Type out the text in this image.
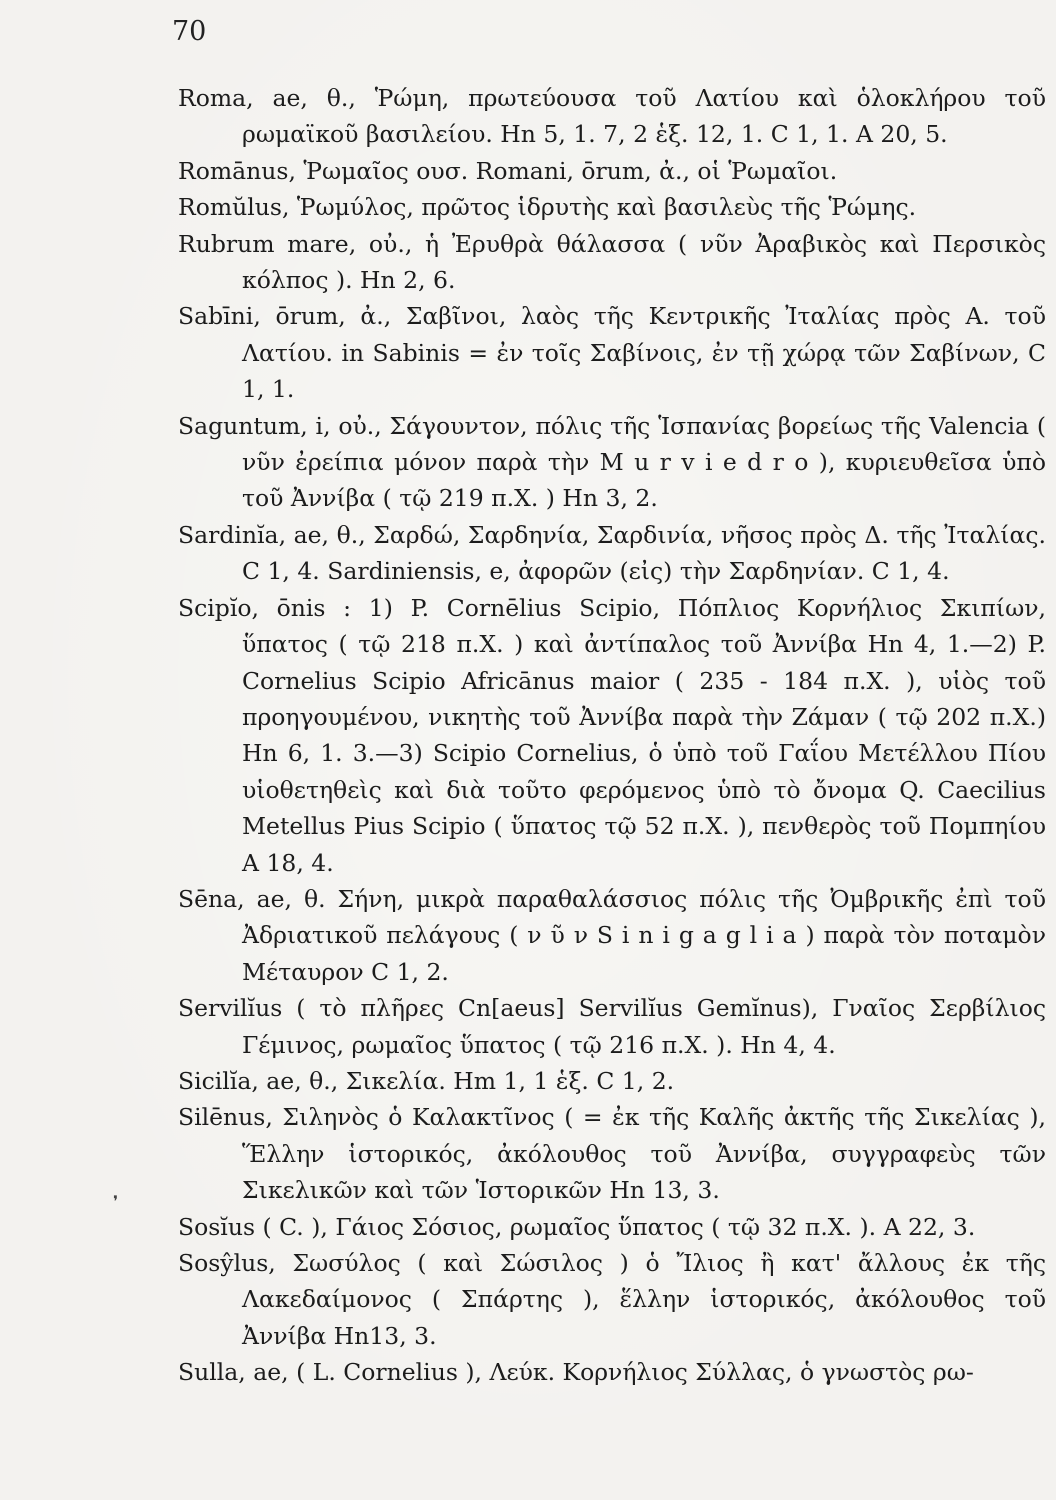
70

Roma, ae, θ., Ῥώμη, πρωτεύουσα τοῦ Λατίου καὶ ὁλοκλήρου τοῦ ρωμαϊκοῦ βασιλείου. Hn 5, 1. 7, 2 ἑξ. 12, 1. C 1, 1. A 20, 5.

Romānus, Ῥωμαῖος ουσ. Romani, ōrum, ἀ., οἱ Ῥωμαῖοι.

Romŭlus, Ῥωμύλος, πρῶτος ἱδρυτὴς καὶ βασιλεὺς τῆς Ῥώμης.

Rubrum mare, οὐ., ἡ Ἐρυθρὰ θάλασσα ( νῦν Ἀραβικὸς καὶ Περσικὸς κόλπος ). Hn 2, 6.

Sabīni, ōrum, ἀ., Σαβῖνοι, λαὸς τῆς Κεντρικῆς Ἰταλίας πρὸς Α. τοῦ Λατίου. in Sabinis = ἐν τοῖς Σαβίνοις, ἐν τῇ χώρᾳ τῶν Σαβίνων, C 1, 1.

Saguntum, i, οὐ., Σάγουντον, πόλις τῆς Ἱσπανίας βορείως τῆς Valencia ( νῦν ἐρείπια μόνον παρὰ τὴν M u r v i e d r o ), κυριευθεῖσα ὑπὸ τοῦ Ἀννίβα ( τῷ 219 π.Χ. ) Hn 3, 2.

Sardinĭa, ae, θ., Σαρδώ, Σαρδηνία, Σαρδινία, νῆσος πρὸς Δ. τῆς Ἰταλίας. C 1, 4. Sardiniensis, e, ἀφορῶν (εἰς) τὴν Σαρδηνίαν. C 1, 4.

Scipĭo, ōnis : 1) P. Cornēlius Scipio, Πόπλιος Κορνήλιος Σκιπίων, ὕπατος ( τῷ 218 π.Χ. ) καὶ ἀντίπαλος τοῦ Ἀννίβα Hn 4, 1.—2) P. Cornelius Scipio Africānus maior ( 235 - 184 π.Χ. ), υἱὸς τοῦ προηγουμένου, νικητὴς τοῦ Ἀννίβα παρὰ τὴν Ζάμαν ( τῷ 202 π.Χ.) Hn 6, 1. 3.—3) Scipio Cornelius, ὁ ὑπὸ τοῦ Γαΐου Μετέλλου Πίου υἱοθετηθεὶς καὶ διὰ τοῦτο φερόμενος ὑπὸ τὸ ὄνομα Q. Caecilius Metellus Pius Scipio ( ὕπατος τῷ 52 π.Χ. ), πενθερὸς τοῦ Πομπηίου A 18, 4.

Sēna, ae, θ. Σήνη, μικρὰ παραθαλάσσιος πόλις τῆς Ὀμβρικῆς ἐπὶ τοῦ Ἀδριατικοῦ πελάγους ( ν ῦ ν S i n i g a g l i a ) παρὰ τὸν ποταμὸν Μέταυρον C 1, 2.

Servilĭus ( τὸ πλῆρες Cn[aeus] Servilĭus Gemĭnus), Γναῖος Σερβίλιος Γέμινος, ρωμαῖος ὕπατος ( τῷ 216 π.Χ. ). Hn 4, 4.

Sicilĭa, ae, θ., Σικελία. Hm 1, 1 ἑξ. C 1, 2.

Silēnus, Σιληνὸς ὁ Καλακτῖνος ( = ἐκ τῆς Καλῆς ἀκτῆς τῆς Σικελίας ), Ἕλλην ἱστορικός, ἀκόλουθος τοῦ Ἀννίβα, συγγραφεὺς τῶν Σικελικῶν καὶ τῶν Ἱστορικῶν Hn 13, 3.

Sosĭus ( C. ), Γάιος Σόσιος, ρωμαῖος ὕπατος ( τῷ 32 π.Χ. ). A 22, 3.

Sosŷlus, Σωσύλος ( καὶ Σώσιλος ) ὁ Ἴλιος ἢ κατ' ἄλλους ἐκ τῆς Λακεδαίμονος ( Σπάρτης ), ἕλλην ἱστορικός, ἀκόλουθος τοῦ Ἀννίβα Hn13, 3.

Sulla, ae, ( L. Cornelius ), Λεύκ. Κορνήλιος Σύλλας, ὁ γνωστὸς ρω-

❜
